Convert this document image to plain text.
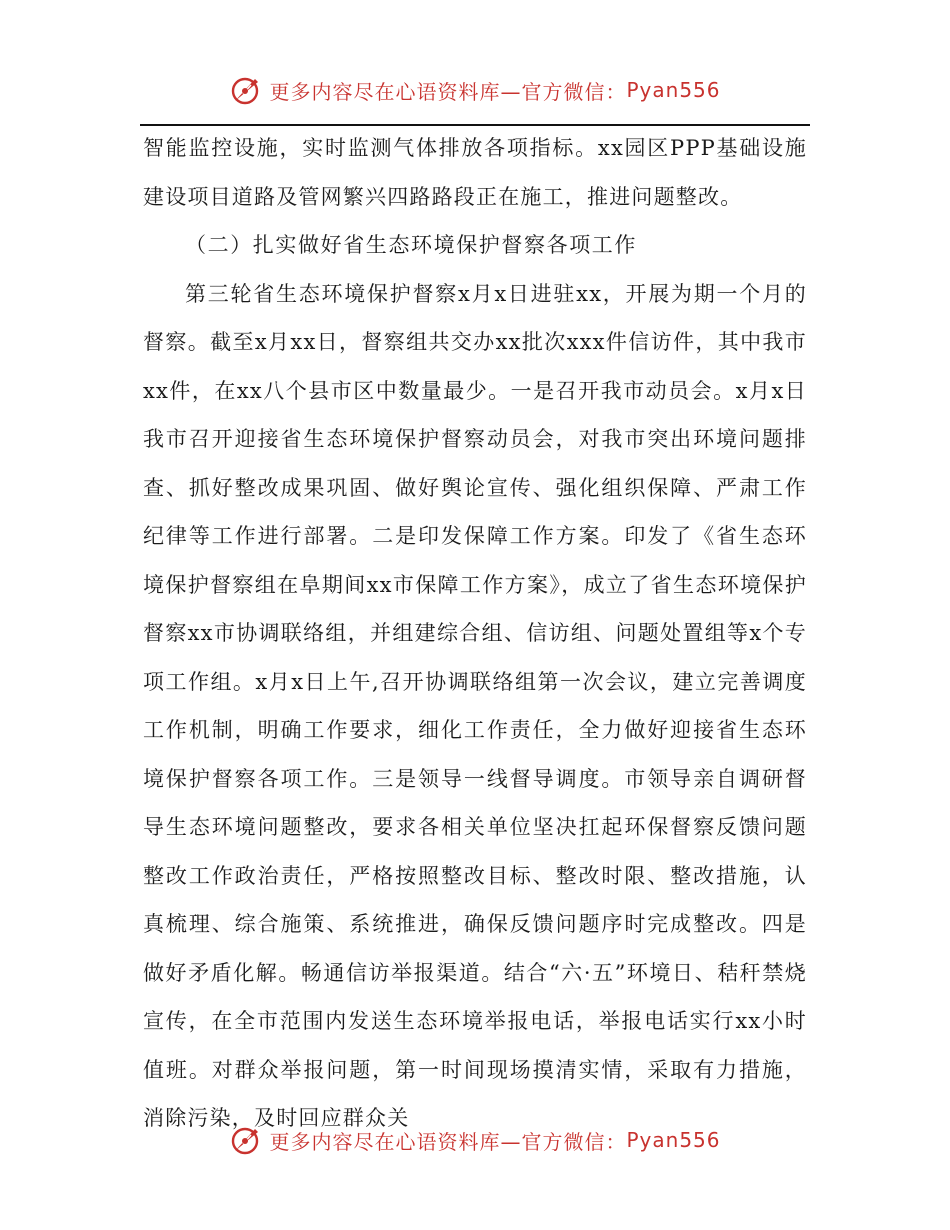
更多内容尽在心语资料库—官方微信： Pyan556

智能监控设施，实时监测气体排放各项指标。xx园区PPP基础设施建设项目道路及管网繁兴四路路段正在施工，推进问题整改。

（二）扎实做好省生态环境保护督察各项工作

第三轮省生态环境保护督察x月x日进驻xx，开展为期一个月的督察。截至x月xx日，督察组共交办xx批次xxx件信访件，其中我市xx件，在xx八个县市区中数量最少。一是召开我市动员会。x月x日我市召开迎接省生态环境保护督察动员会，对我市突出环境问题排查、抓好整改成果巩固、做好舆论宣传、强化组织保障、严肃工作纪律等工作进行部署。二是印发保障工作方案。印发了《省生态环境保护督察组在阜期间xx市保障工作方案》，成立了省生态环境保护督察xx市协调联络组，并组建综合组、信访组、问题处置组等x个专项工作组。x月x日上午,召开协调联络组第一次会议，建立完善调度工作机制，明确工作要求，细化工作责任，全力做好迎接省生态环境保护督察各项工作。三是领导一线督导调度。市领导亲自调研督导生态环境问题整改，要求各相关单位坚决扛起环保督察反馈问题整改工作政治责任，严格按照整改目标、整改时限、整改措施，认真梳理、综合施策、系统推进，确保反馈问题序时完成整改。四是做好矛盾化解。畅通信访举报渠道。结合“六·五”环境日、秸秆禁烧宣传，在全市范围内发送生态环境举报电话，举报电话实行xx小时值班。对群众举报问题，第一时间现场摸清实情，采取有力措施，消除污染，及时回应群众关

更多内容尽在心语资料库—官方微信： Pyan556
